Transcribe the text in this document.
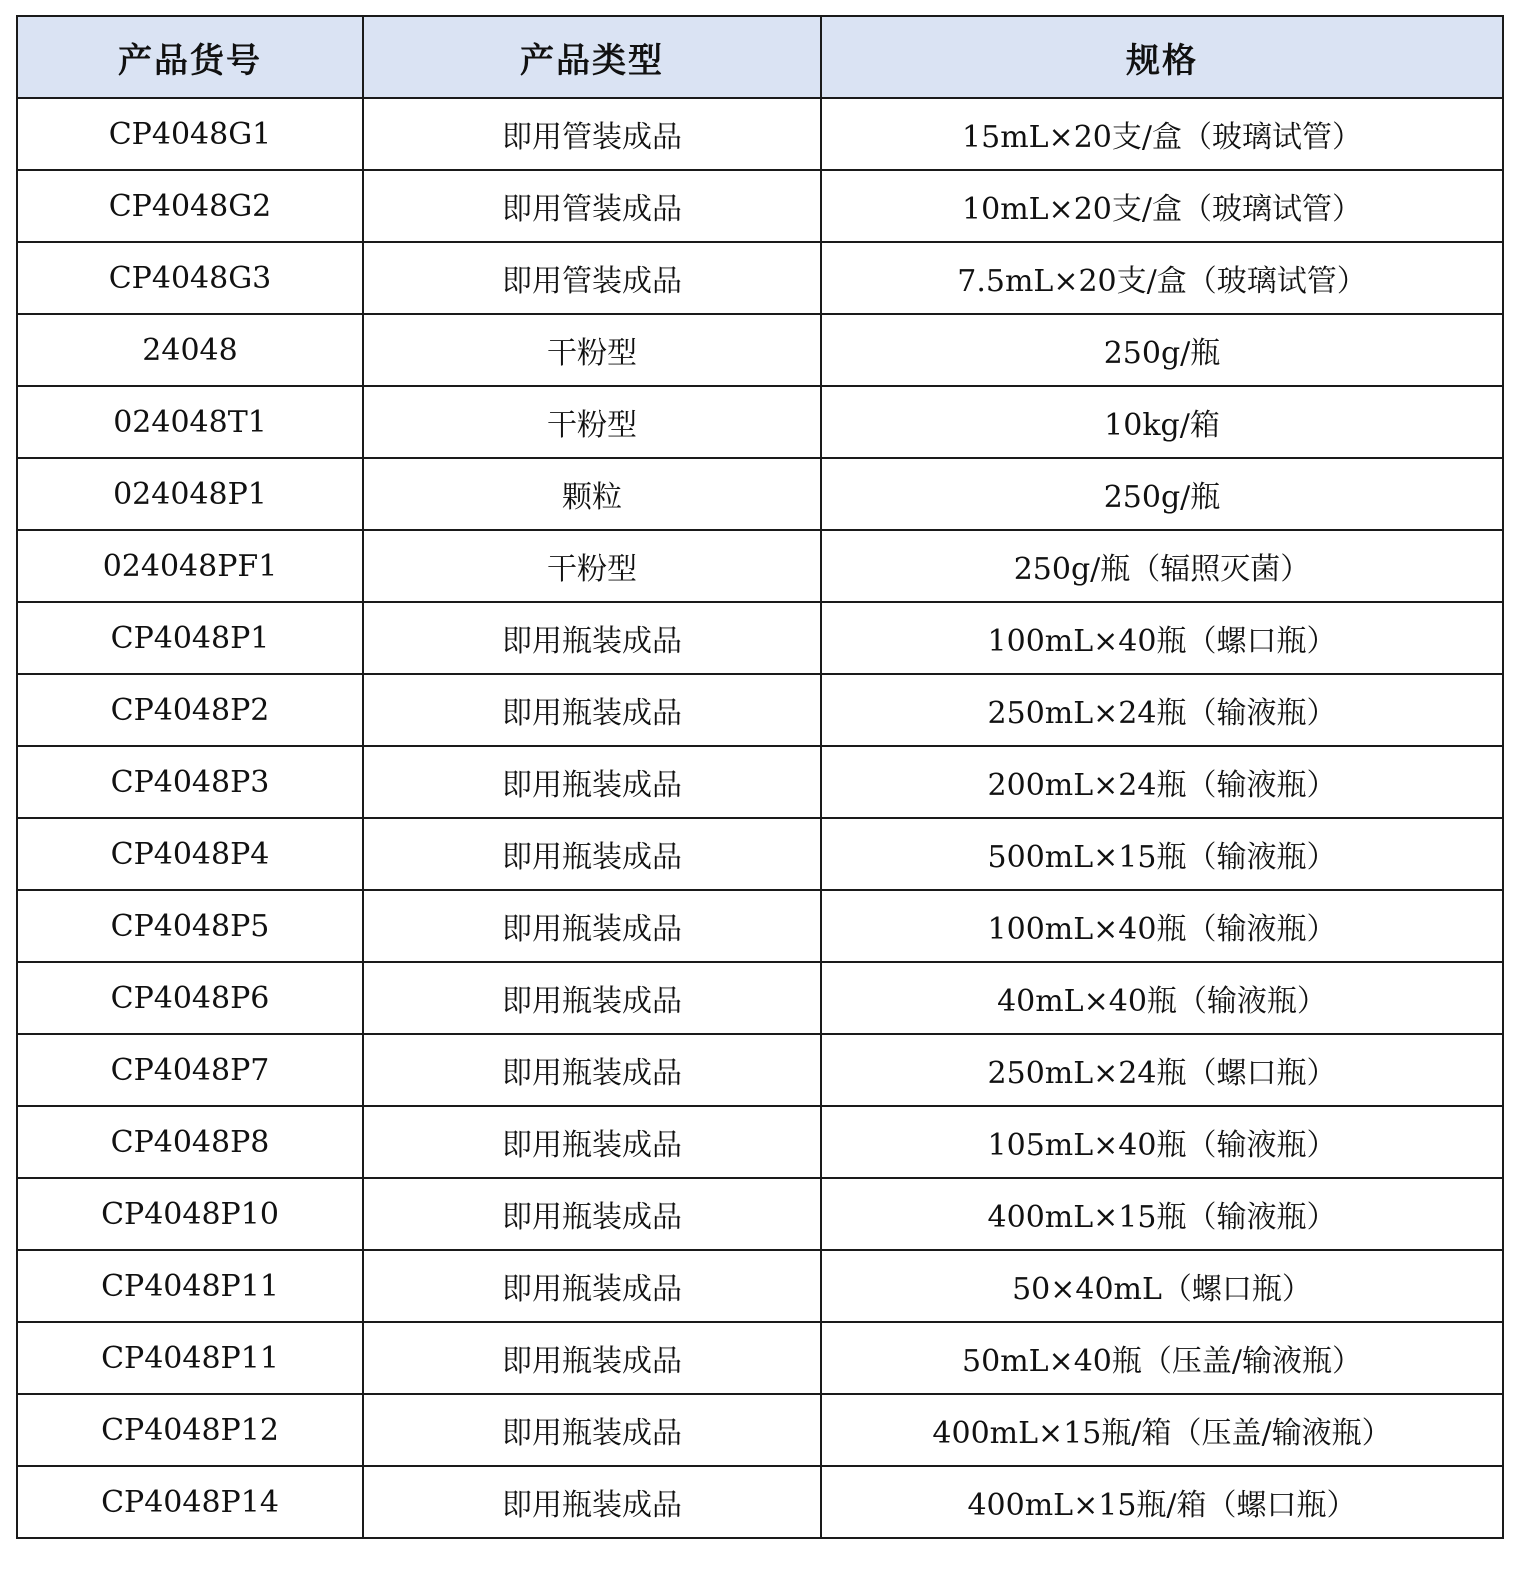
产品货号	产品类型	规格
CP4048G1	即用管装成品	15mL×20支/盒（玻璃试管）
CP4048G2	即用管装成品	10mL×20支/盒（玻璃试管）
CP4048G3	即用管装成品	7.5mL×20支/盒（玻璃试管）
24048	干粉型	250g/瓶
024048T1	干粉型	10kg/箱
024048P1	颗粒	250g/瓶
024048PF1	干粉型	250g/瓶（辐照灭菌）
CP4048P1	即用瓶装成品	100mL×40瓶（螺口瓶）
CP4048P2	即用瓶装成品	250mL×24瓶（输液瓶）
CP4048P3	即用瓶装成品	200mL×24瓶（输液瓶）
CP4048P4	即用瓶装成品	500mL×15瓶（输液瓶）
CP4048P5	即用瓶装成品	100mL×40瓶（输液瓶）
CP4048P6	即用瓶装成品	40mL×40瓶（输液瓶）
CP4048P7	即用瓶装成品	250mL×24瓶（螺口瓶）
CP4048P8	即用瓶装成品	105mL×40瓶（输液瓶）
CP4048P10	即用瓶装成品	400mL×15瓶（输液瓶）
CP4048P11	即用瓶装成品	50×40mL（螺口瓶）
CP4048P11	即用瓶装成品	50mL×40瓶（压盖/输液瓶）
CP4048P12	即用瓶装成品	400mL×15瓶/箱（压盖/输液瓶）
CP4048P14	即用瓶装成品	400mL×15瓶/箱（螺口瓶）
